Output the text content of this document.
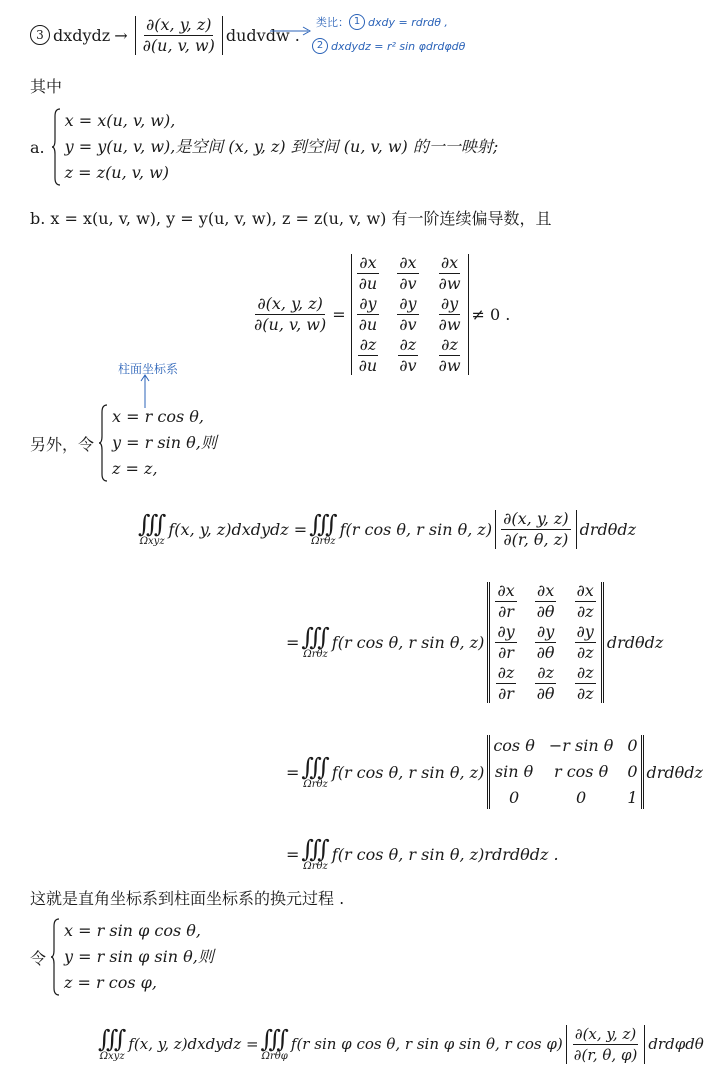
3 dxdydz → $\frac{\partial(x, y, z)}{\partial(u, v, w)}$ dudvdw .
类比： 1 dxdy = rdrdθ ,
2 dxdydz = r² sin φdrdφdθ
其中
a.
x = x(u, v, w),
y = y(u, v, w),是空间 (x, y, z) 到空间 (u, v, w) 的一一映射;
z = z(u, v, w)
b. x = x(u, v, w), y = y(u, v, w), z = z(u, v, w) 有一阶连续偏导数，且
$\frac{\partial(x, y, z)}{\partial(u, v, w)}$ =
$\frac{\partial x}{\partial u} \frac{\partial x}{\partial v} \frac{\partial x}{\partial w}$
$\frac{\partial y}{\partial u} \frac{\partial y}{\partial v} \frac{\partial y}{\partial w}$
$\frac{\partial z}{\partial u} \frac{\partial z}{\partial v} \frac{\partial z}{\partial w}$
≠ 0 .
柱面坐标系
另外，令
x = r cos θ,
y = r sin θ,则
z = z,
∭
Ωxyz
f(x, y, z)dxdydz = ∭
Ωrθz
f(r cos θ, r sin θ, $z) \frac{\partial(x, y, z)}{\partial(r, \theta, z)}$ drdθdz
= ∭
Ωrθz
f(r cos θ, r sin θ, z)
$\frac{\partial x}{\partial r} \frac{\partial x}{\partial\theta} \frac{\partial x}{\partial z}$
$\frac{\partial y}{\partial r} \frac{\partial y}{\partial\theta} \frac{\partial y}{\partial z}$
$\frac{\partial z}{\partial r} \frac{\partial z}{\partial\theta} \frac{\partial z}{\partial z}$
drdθdz
= ∭
Ωrθz
f(r cos θ, r sin θ, z)
cos θ −r sin θ 0
sin θ r cos θ 0
0	0	1
drdθdz
= ∭
Ωrθz
f(r cos θ, r sin θ, z)rdrdθdz .
这就是直角坐标系到柱面坐标系的换元过程 .
令
x = r sin φ cos θ,
y = r sin φ sin θ,则
z = r cos φ,
∭
Ωxyz
f(x, y, z)dxdydz = ∭
Ωrθφ
f(r sin φ cos θ, r sin φ sin θ, r $\cos \varphi) \frac{\partial(x, y, z)}{\partial(r, \theta, \varphi)}$ drdφdθ
